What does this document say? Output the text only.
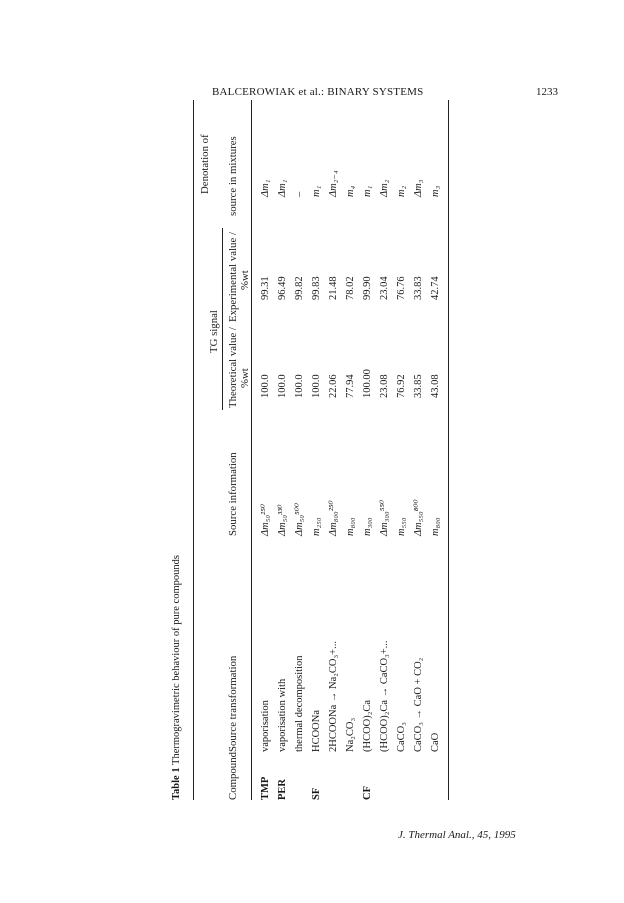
BALCEROWIAK et al.: BINARY SYSTEMS	1233
Table 1 Thermogravimetric behaviour of pure compounds
TG signal
Denotation of
Compound
Source transformation
Source information
Theoretical value /
Experimental value /
source in mixtures
%wt
%wt
TMP
vaporisation
Δm₅₀²⁵⁰
100.0
99.31
Δm₁
PER
vaporisation with
Δm₅₀³³⁰
100.0
96.49
Δm₁
thermal decomposition
Δm₅₀⁵⁰⁰
100.0
99.82
–
SF
HCOONa
m₂₅₀
100.0
99.83
m₁
2HCOONa → Na₂CO₃+...
Δm₈₀₀²⁵⁰
22.06
21.48
Δm₂₋₄
Na₂CO₃
m₈₀₀
77.94
78.02
m₄
CF
(HCOO)₂Ca
m₃₀₀
100.00
99.90
m₁
(HCOO)₂Ca → CaCO₃+...
Δm₃₀₀⁵⁵⁰
23.08
23.04
Δm₂
CaCO₃
m₅₅₀
76.92
76.76
m₂
CaCO₃ → CaO + CO₂
Δm₅₅₀⁸⁰⁰
33.85
33.83
Δm₃
CaO
m₈₀₀
43.08
42.74
m₃
J. Thermal Anal., 45, 1995
